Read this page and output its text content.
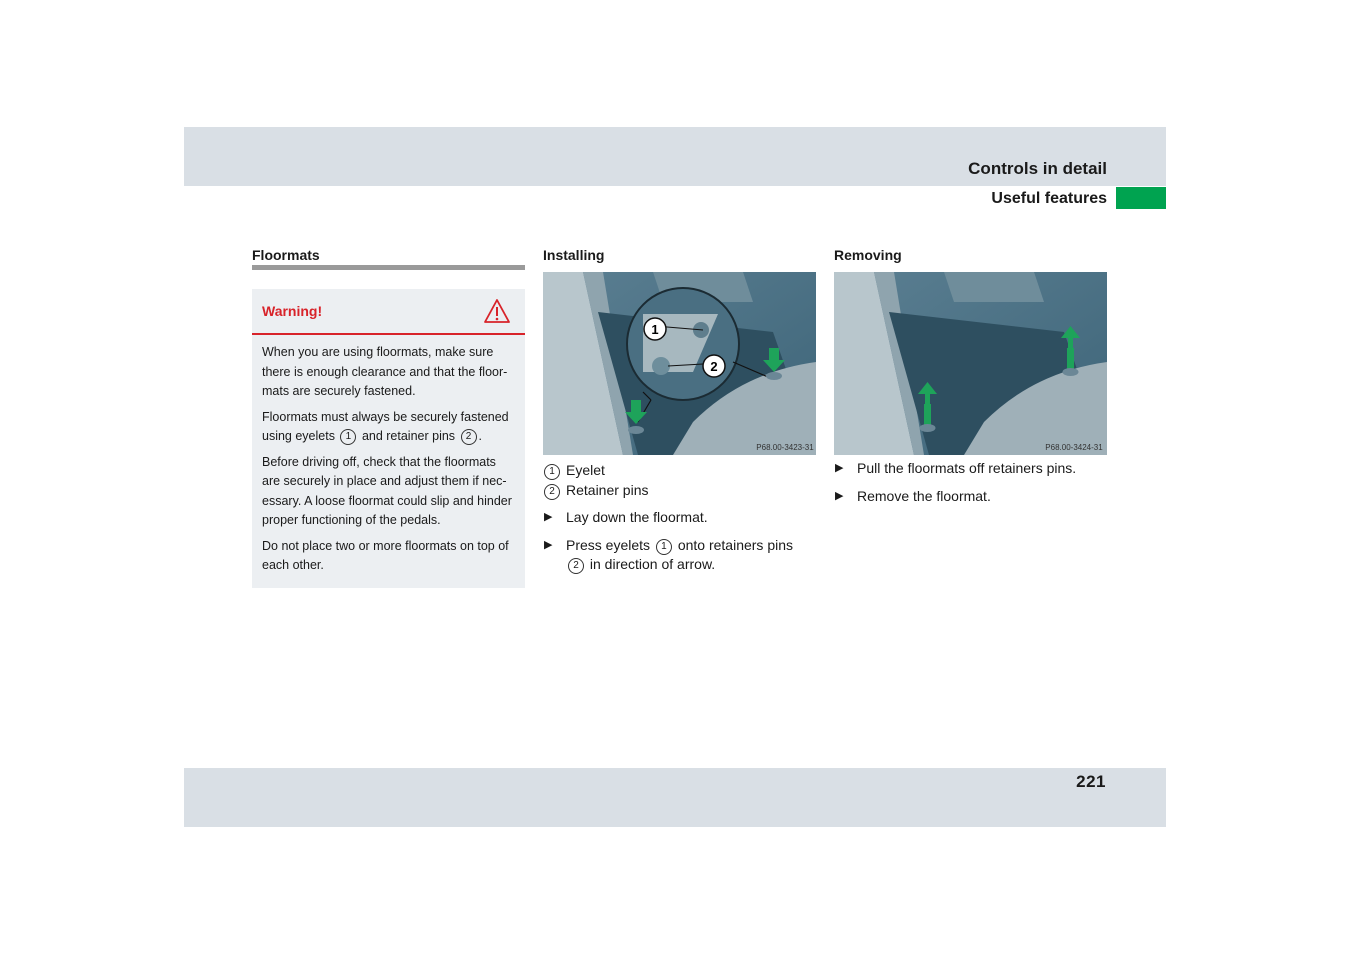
Controls in detail
Useful features
Floormats
Warning!

When you are using floormats, make sure there is enough clearance and that the floor-mats are securely fastened.

Floormats must always be securely fastened using eyelets 1 and retainer pins 2 .

Before driving off, check that the floormats are securely in place and adjust them if nec-essary. A loose floormat could slip and hinder proper functioning of the pedals.

Do not place two or more floormats on top of each other.

Installing
1
2
P68.00-3423-31
1 Eyelet
2 Retainer pins
▶ Lay down the floormat.
▶ Press eyelets 1 onto retainers pins 2 in direction of arrow.
Removing
P68.00-3424-31
▶ Pull the floormats off retainers pins.
▶ Remove the floormat.
221
